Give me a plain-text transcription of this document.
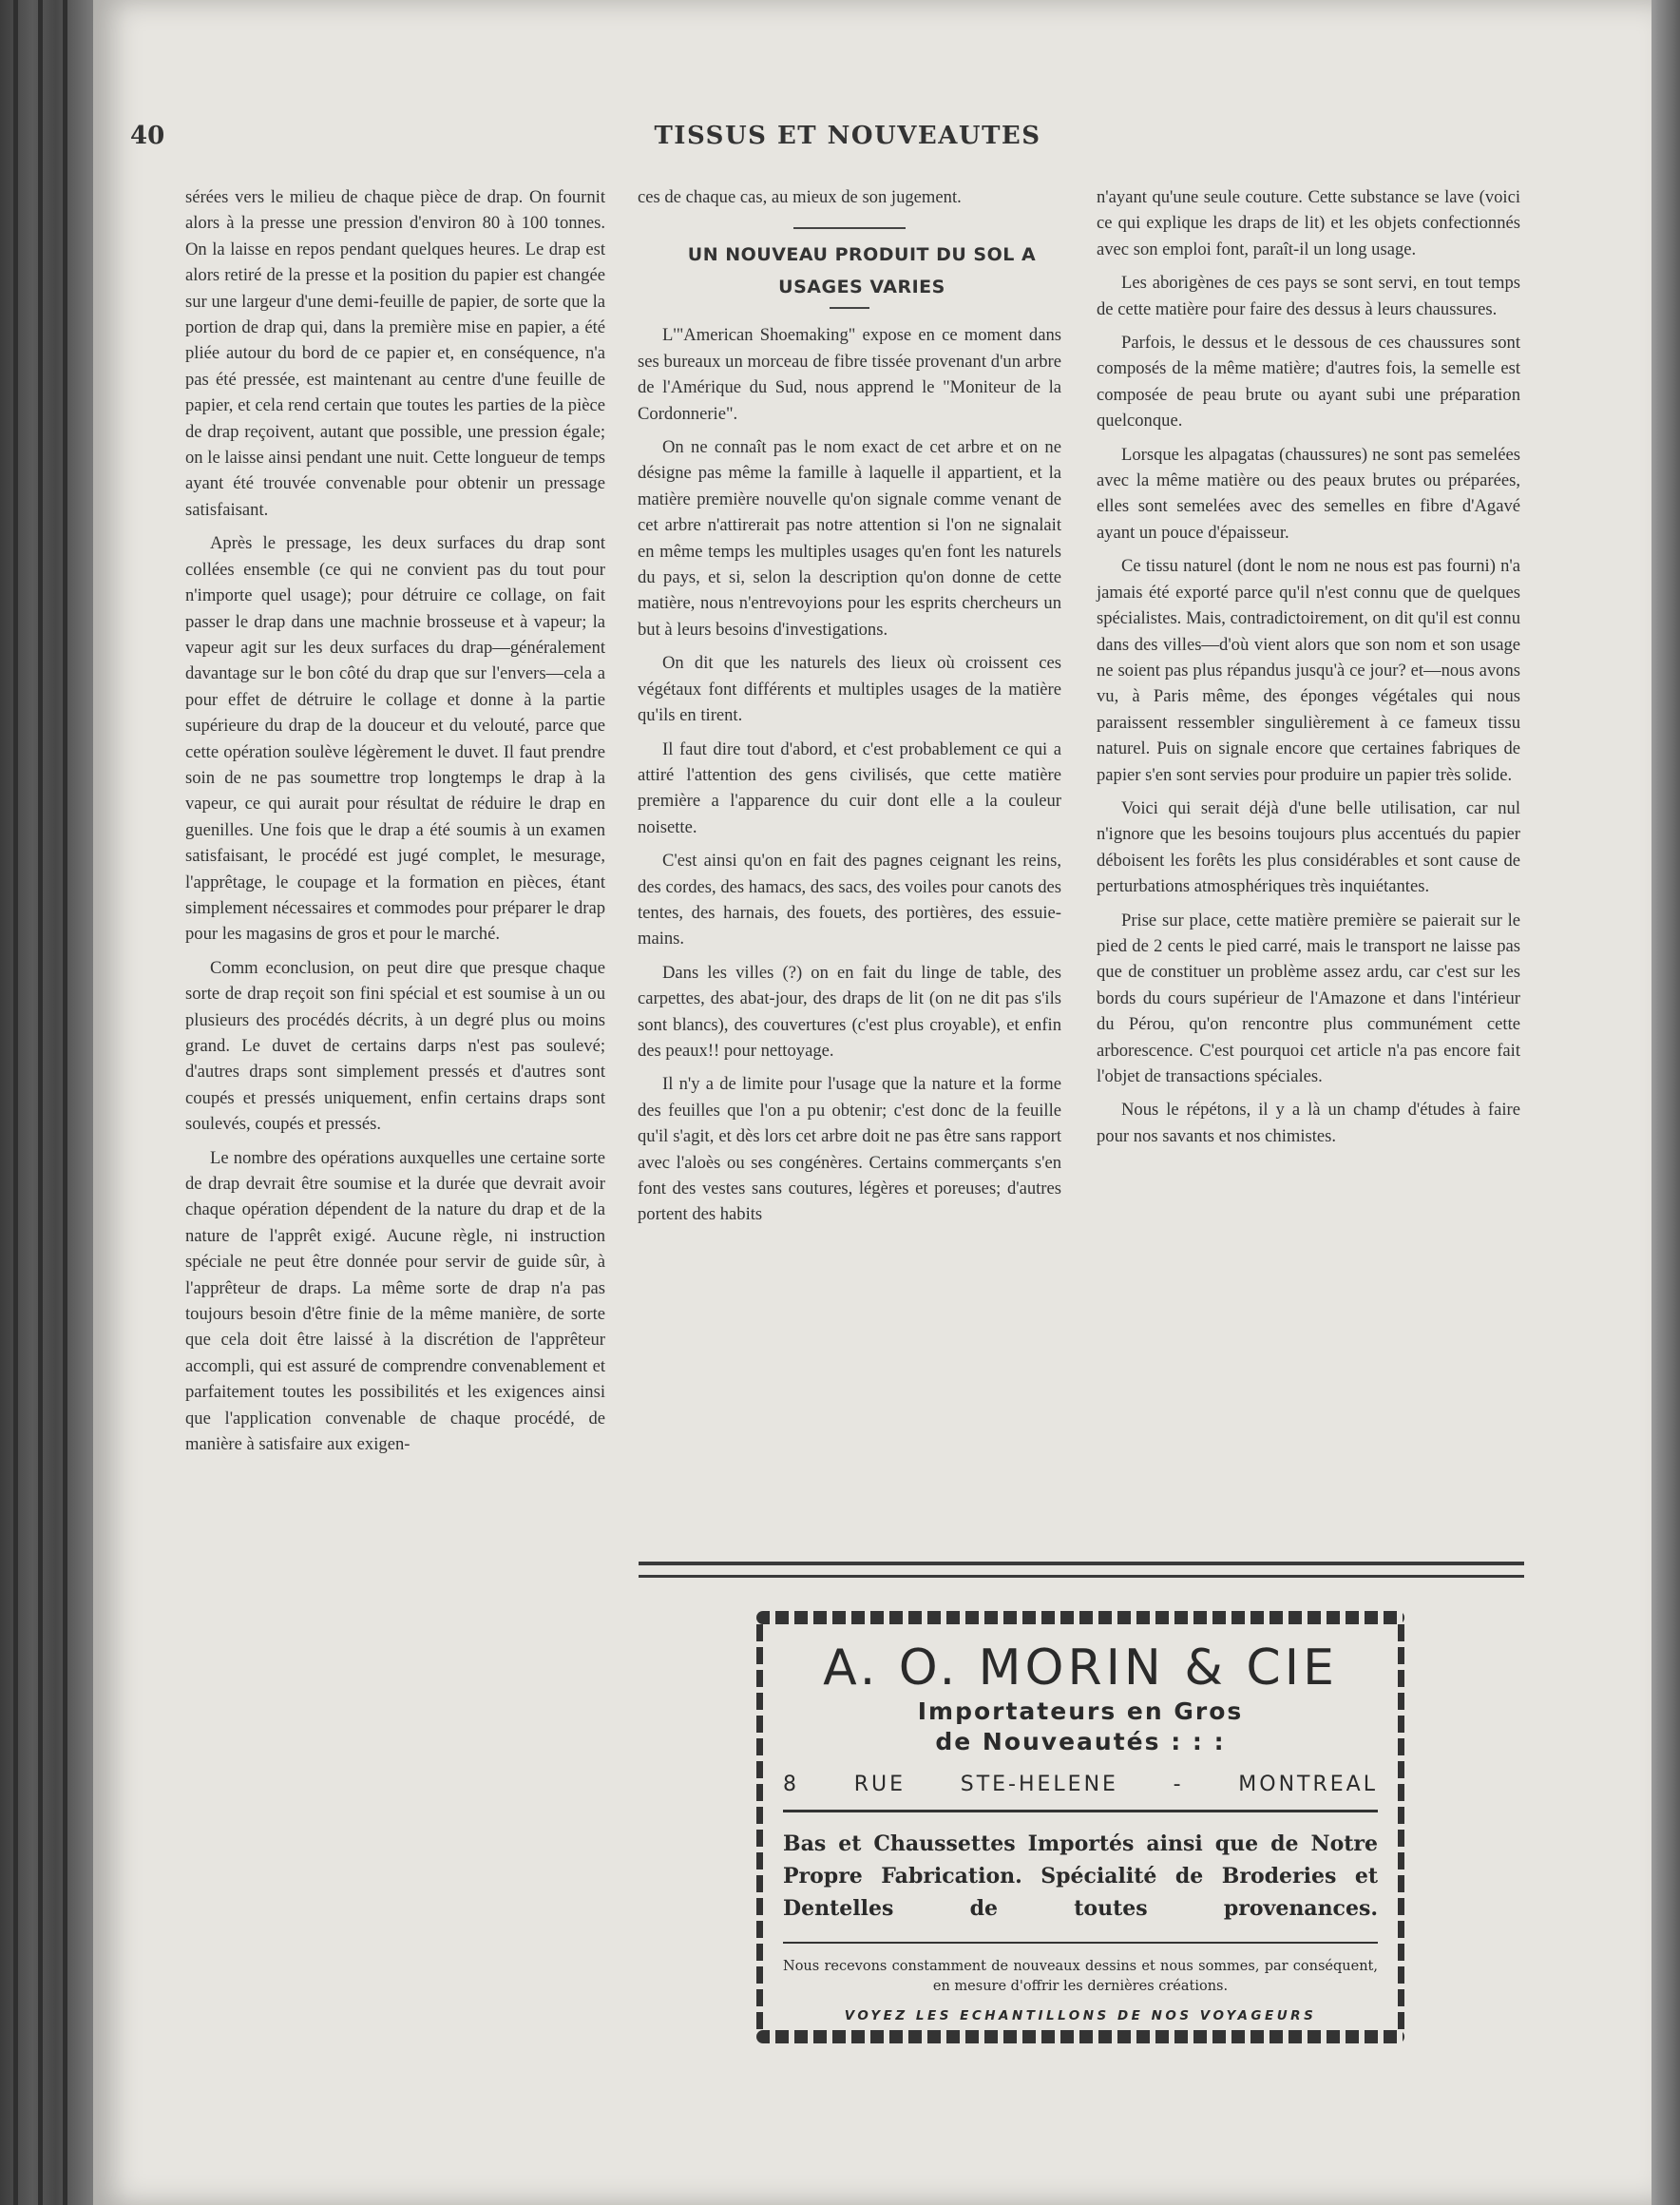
40	TISSUS ET NOUVEAUTES

sérées vers le milieu de chaque pièce de drap. On fournit alors à la presse une pression d'environ 80 à 100 tonnes. On la laisse en repos pendant quelques heures. Le drap est alors retiré de la presse et la position du papier est changée sur une largeur d'une demi-feuille de papier, de sorte que la portion de drap qui, dans la première mise en papier, a été pliée autour du bord de ce papier et, en conséquence, n'a pas été pressée, est maintenant au centre d'une feuille de papier, et cela rend certain que toutes les parties de la pièce de drap reçoivent, autant que possible, une pression égale; on le laisse ainsi pendant une nuit. Cette longueur de temps ayant été trouvée convenable pour obtenir un pressage satisfaisant.

Après le pressage, les deux surfaces du drap sont collées ensemble (ce qui ne convient pas du tout pour n'importe quel usage); pour détruire ce collage, on fait passer le drap dans une machnie brosseuse et à vapeur; la vapeur agit sur les deux surfaces du drap—généralement davantage sur le bon côté du drap que sur l'envers—cela a pour effet de détruire le collage et donne à la partie supérieure du drap de la douceur et du velouté, parce que cette opération soulève légèrement le duvet. Il faut prendre soin de ne pas soumettre trop longtemps le drap à la vapeur, ce qui aurait pour résultat de réduire le drap en guenilles. Une fois que le drap a été soumis à un examen satisfaisant, le procédé est jugé complet, le mesurage, l'apprêtage, le coupage et la formation en pièces, étant simplement nécessaires et commodes pour préparer le drap pour les magasins de gros et pour le marché.

Comm econclusion, on peut dire que presque chaque sorte de drap reçoit son fini spécial et est soumise à un ou plusieurs des procédés décrits, à un degré plus ou moins grand. Le duvet de certains darps n'est pas soulevé; d'autres draps sont simplement pressés et d'autres sont coupés et pressés uniquement, enfin certains draps sont soulevés, coupés et pressés.

Le nombre des opérations auxquelles une certaine sorte de drap devrait être soumise et la durée que devrait avoir chaque opération dépendent de la nature du drap et de la nature de l'apprêt exigé. Aucune règle, ni instruction spéciale ne peut être donnée pour servir de guide sûr, à l'apprêteur de draps. La même sorte de drap n'a pas toujours besoin d'être finie de la même manière, de sorte que cela doit être laissé à la discrétion de l'apprêteur accompli, qui est assuré de comprendre convenablement et parfaitement toutes les possibilités et les exigences ainsi que l'application convenable de chaque procédé, de manière à satisfaire aux exigen-

ces de chaque cas, au mieux de son jugement.

UN NOUVEAU PRODUIT DU SOL A

USAGES VARIES

L'"American Shoemaking" expose en ce moment dans ses bureaux un morceau de fibre tissée provenant d'un arbre de l'Amérique du Sud, nous apprend le "Moniteur de la Cordonnerie".

On ne connaît pas le nom exact de cet arbre et on ne désigne pas même la famille à laquelle il appartient, et la matière première nouvelle qu'on signale comme venant de cet arbre n'attirerait pas notre attention si l'on ne signalait en même temps les multiples usages qu'en font les naturels du pays, et si, selon la description qu'on donne de cette matière, nous n'entrevoyions pour les esprits chercheurs un but à leurs besoins d'investigations.

On dit que les naturels des lieux où croissent ces végétaux font différents et multiples usages de la matière qu'ils en tirent.

Il faut dire tout d'abord, et c'est probablement ce qui a attiré l'attention des gens civilisés, que cette matière première a l'apparence du cuir dont elle a la couleur noisette.

C'est ainsi qu'on en fait des pagnes ceignant les reins, des cordes, des hamacs, des sacs, des voiles pour canots des tentes, des harnais, des fouets, des portières, des essuie-mains.

Dans les villes (?) on en fait du linge de table, des carpettes, des abat-jour, des draps de lit (on ne dit pas s'ils sont blancs), des couvertures (c'est plus croyable), et enfin des peaux!! pour nettoyage.

Il n'y a de limite pour l'usage que la nature et la forme des feuilles que l'on a pu obtenir; c'est donc de la feuille qu'il s'agit, et dès lors cet arbre doit ne pas être sans rapport avec l'aloès ou ses congénères. Certains commerçants s'en font des vestes sans coutures, légères et poreuses; d'autres portent des habits

n'ayant qu'une seule couture. Cette substance se lave (voici ce qui explique les draps de lit) et les objets confectionnés avec son emploi font, paraît-il un long usage.

Les aborigènes de ces pays se sont servi, en tout temps de cette matière pour faire des dessus à leurs chaussures.

Parfois, le dessus et le dessous de ces chaussures sont composés de la même matière; d'autres fois, la semelle est composée de peau brute ou ayant subi une préparation quelconque.

Lorsque les alpagatas (chaussures) ne sont pas semelées avec la même matière ou des peaux brutes ou préparées, elles sont semelées avec des semelles en fibre d'Agavé ayant un pouce d'épaisseur.

Ce tissu naturel (dont le nom ne nous est pas fourni) n'a jamais été exporté parce qu'il n'est connu que de quelques spécialistes. Mais, contradictoirement, on dit qu'il est connu dans des villes—d'où vient alors que son nom et son usage ne soient pas plus répandus jusqu'à ce jour? et—nous avons vu, à Paris même, des éponges végétales qui nous paraissent ressembler singulièrement à ce fameux tissu naturel. Puis on signale encore que certaines fabriques de papier s'en sont servies pour produire un papier très solide.

Voici qui serait déjà d'une belle utilisation, car nul n'ignore que les besoins toujours plus accentués du papier déboisent les forêts les plus considérables et sont cause de perturbations atmosphériques très inquiétantes.

Prise sur place, cette matière première se paierait sur le pied de 2 cents le pied carré, mais le transport ne laisse pas que de constituer un problème assez ardu, car c'est sur les bords du cours supérieur de l'Amazone et dans l'intérieur du Pérou, qu'on rencontre plus communément cette arborescence. C'est pourquoi cet article n'a pas encore fait l'objet de transactions spéciales.

Nous le répétons, il y a là un champ d'études à faire pour nos savants et nos chimistes.

A. O. MORIN & CIE

Importateurs en Gros

de Nouveautés : : :

8 RUE STE-HELENE - MONTREAL

Bas et Chaussettes Importés ainsi que de Notre Propre Fabrication. Spécialité de Broderies et Dentelles de toutes provenances.

Nous recevons constamment de nouveaux dessins et nous sommes, par conséquent, en mesure d'offrir les dernières créations.

VOYEZ LES ECHANTILLONS DE NOS VOYAGEURS
